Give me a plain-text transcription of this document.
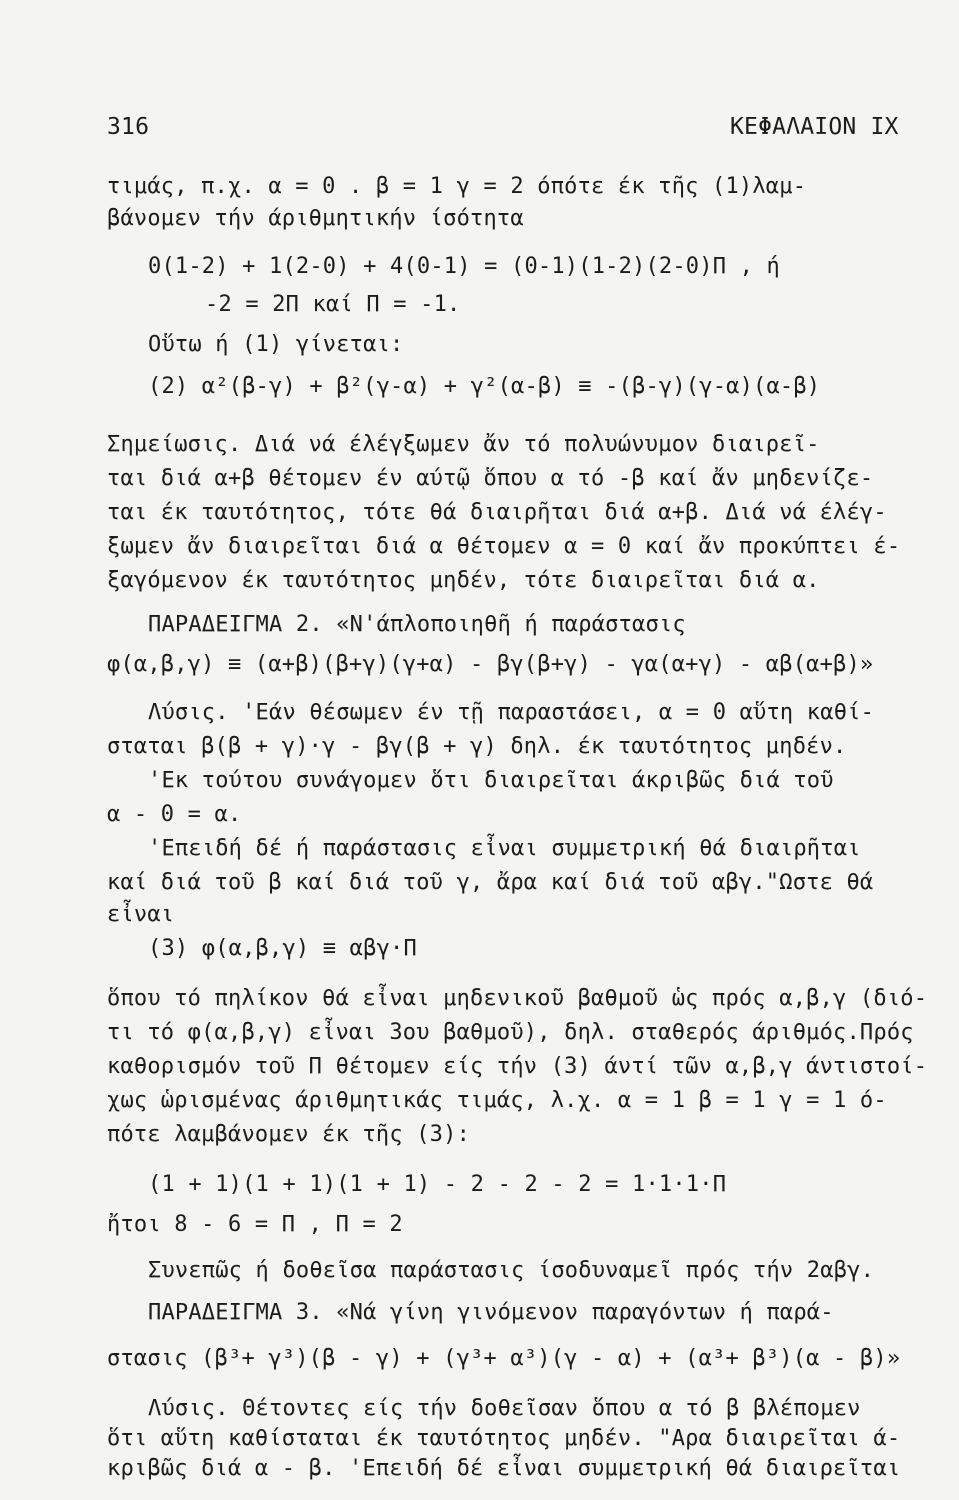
316	ΚΕΦΑΛΑΙΟΝ IX
τιμάς, π.χ. α = 0 . β = 1 γ = 2 όπότε έκ τῆς (1)λαμ-
βάνομεν τήν άριθμητικήν ίσότητα
0(1-2) + 1(2-0) + 4(0-1) = (0-1)(1-2)(2-0)Π , ή
-2 = 2Π καί Π = -1.
Οὕτω ή (1) γίνεται:
(2) α²(β-γ) + β²(γ-α) + γ²(α-β) ≡ -(β-γ)(γ-α)(α-β)
Σημείωσις. Διά νά έλέγξωμεν ἄν τό πολυώνυμον διαιρεῖ-
ται διά α+β θέτομεν έν αύτῷ ὅπου α τό -β καί ἄν μηδενίζε-
ται έκ ταυτότητος, τότε θά διαιρῆται διά α+β. Διά νά έλέγ-
ξωμεν ἄν διαιρεῖται διά α θέτομεν α = 0 καί ἄν προκύπτει έ-
ξαγόμενον έκ ταυτότητος μηδέν, τότε διαιρεῖται διά α.
ΠΑΡΑΔΕΙΓΜΑ 2. «Ν'άπλοποιηθῆ ή παράστασις
φ(α,β,γ) ≡ (α+β)(β+γ)(γ+α) - βγ(β+γ) - γα(α+γ) - αβ(α+β)»
Λύσις. 'Εάν θέσωμεν έν τῇ παραστάσει, α = 0 αὕτη καθί-
σταται β(β + γ)·γ - βγ(β + γ) δηλ. έκ ταυτότητος μηδέν.
'Εκ τούτου συνάγομεν ὅτι διαιρεῖται άκριβῶς διά τοῦ
α - 0 = α.
'Επειδή δέ ή παράστασις εἶναι συμμετρική θά διαιρῆται
καί διά τοῦ β καί διά τοῦ γ, ἄρα καί διά τοῦ αβγ."Ωστε θά
εἶναι
(3) φ(α,β,γ) ≡ αβγ·Π
ὅπου τό πηλίκον θά εἶναι μηδενικοῦ βαθμοῦ ὡς πρός α,β,γ (διό-
τι τό φ(α,β,γ) εἶναι 3ου βαθμοῦ), δηλ. σταθερός άριθμός.Πρός
καθορισμόν τοῦ Π θέτομεν είς τήν (3) άντί τῶν α,β,γ άντιστοί-
χως ὡρισμένας άριθμητικάς τιμάς, λ.χ. α = 1 β = 1 γ = 1 ό-
πότε λαμβάνομεν έκ τῆς (3):
(1 + 1)(1 + 1)(1 + 1) - 2 - 2 - 2 = 1·1·1·Π
ἤτοι 8 - 6 = Π , Π = 2
Συνεπῶς ή δοθεῖσα παράστασις ίσοδυναμεῖ πρός τήν 2αβγ.
ΠΑΡΑΔΕΙΓΜΑ 3. «Νά γίνη γινόμενον παραγόντων ή παρά-
στασις (β³+ γ³)(β - γ) + (γ³+ α³)(γ - α) + (α³+ β³)(α - β)»
Λύσις. Θέτοντες είς τήν δοθεῖσαν ὅπου α τό β βλέπομεν
ὅτι αὕτη καθίσταται έκ ταυτότητος μηδέν. "Αρα διαιρεῖται ά-
κριβῶς διά α - β. 'Επειδή δέ εἶναι συμμετρική θά διαιρεῖται
